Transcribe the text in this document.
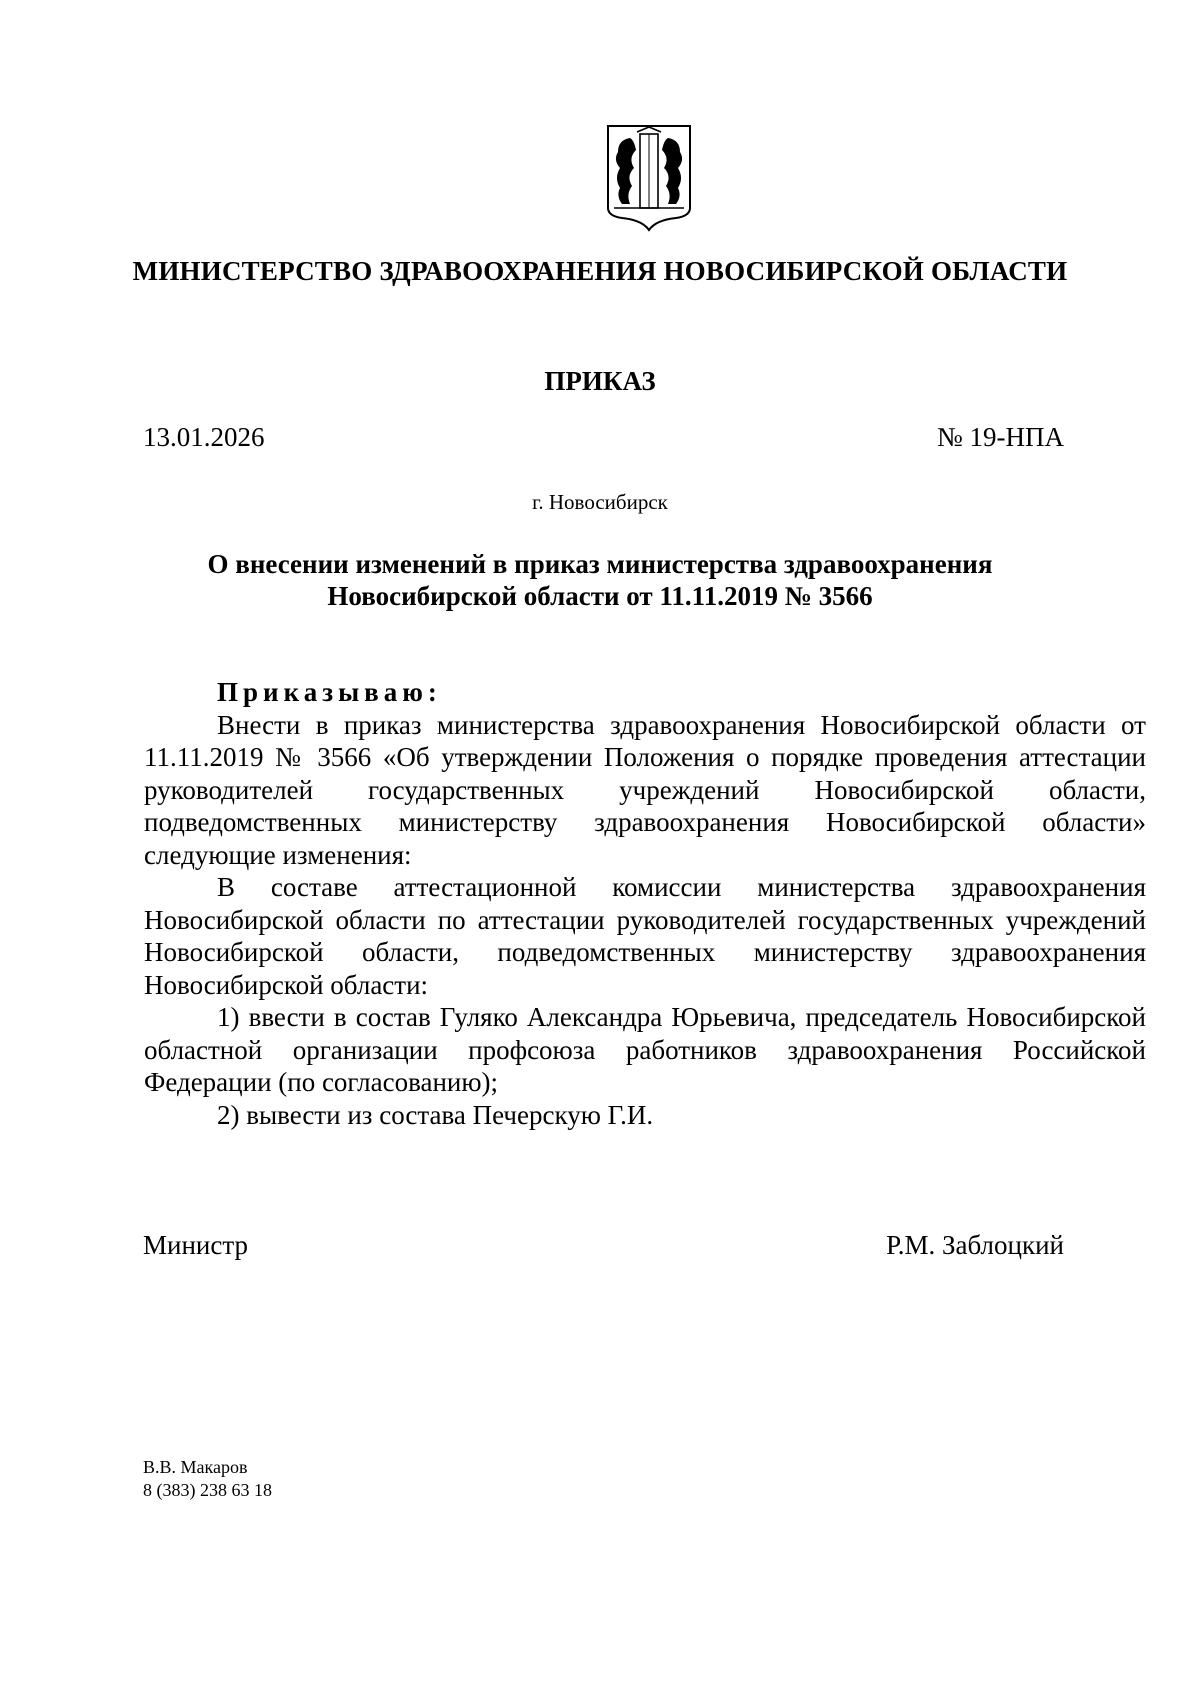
МИНИСТЕРСТВО ЗДРАВООХРАНЕНИЯ НОВОСИБИРСКОЙ ОБЛАСТИ
ПРИКАЗ
13.01.2026	№ 19-НПА
г. Новосибирск
О внесении изменений в приказ министерства здравоохранения
Новосибирской области от 11.11.2019 № 3566

Приказываю:

Внести в приказ министерства здравоохранения Новосибирской области от 11.11.2019 № 3566 «Об утверждении Положения о порядке проведения аттестации руководителей государственных учреждений Новосибирской области, подведомственных министерству здравоохранения Новосибирской области» следующие изменения:

В составе аттестационной комиссии министерства здравоохранения Новосибирской области по аттестации руководителей государственных учреждений Новосибирской области, подведомственных министерству здравоохранения Новосибирской области:

1) ввести в состав Гуляко Александра Юрьевича, председатель Новосибирской областной организации профсоюза работников здравоохранения Российской Федерации (по согласованию);

2) вывести из состава Печерскую Г.И.

Министр	Р.М. Заблоцкий
В.В. Макаров
8 (383) 238 63 18
